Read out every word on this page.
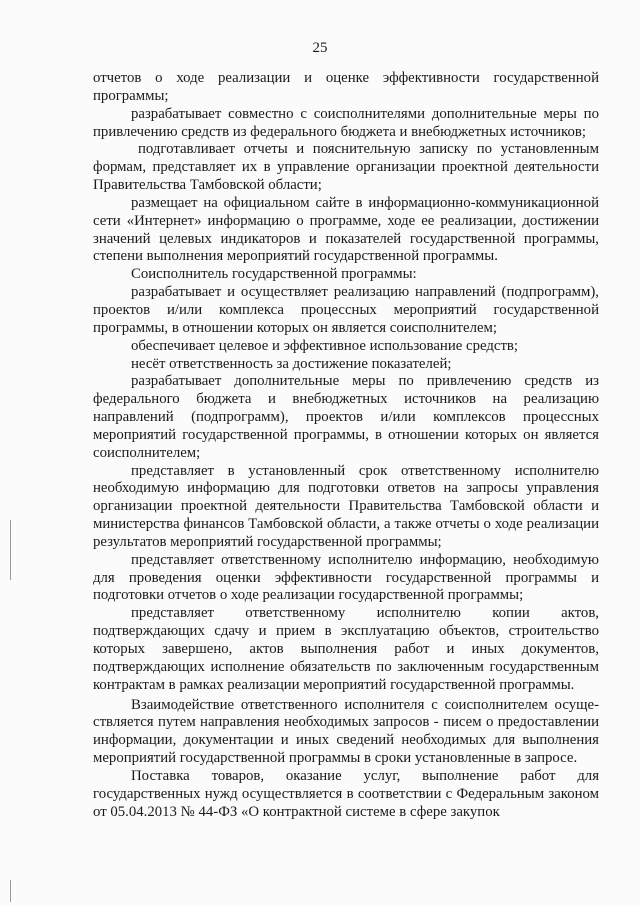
25

отчетов о ходе реализации и оценке эффективности государственной программы;

разрабатывает совместно с соисполнителями дополнительные меры по привлечению средств из федерального бюджета и внебюджетных источников;

подготавливает отчеты и пояснительную записку по установленным формам, представляет их в управление организации проектной деятельности Правительства Тамбовской области;

размещает на официальном сайте в информационно-коммуникационной сети «Интернет» информацию о программе, ходе ее реализации, достижении значений целевых индикаторов и показателей государственной программы, степени выполнения мероприятий государственной программы.

Соисполнитель государственной программы:

разрабатывает и осуществляет реализацию направлений (подпрограмм), проектов и/или комплекса процессных мероприятий государственной программы, в отношении которых он является соисполнителем;

обеспечивает целевое и эффективное использование средств;

несёт ответственность за достижение показателей;

разрабатывает дополнительные меры по привлечению средств из федерального бюджета и внебюджетных источников на реализацию направлений (подпрограмм), проектов и/или комплексов процессных мероприятий государственной программы, в отношении которых он является соисполнителем;

представляет в установленный срок ответственному исполнителю необходимую информацию для подготовки ответов на запросы управления организации проектной деятельности Правительства Тамбовской области и министерства финансов Тамбовской области, а также отчеты о ходе реализации результатов мероприятий государственной программы;

представляет ответственному исполнителю информацию, необходимую для проведения оценки эффективности государственной программы и подготовки отчетов о ходе реализации государственной программы;

представляет ответственному исполнителю копии актов, подтверждающих сдачу и прием в эксплуатацию объектов, строительство которых завершено, актов выполнения работ и иных документов, подтверждающих исполнение обязательств по заключенным государственным контрактам в рамках реализации мероприятий государственной программы.

Взаимодействие ответственного исполнителя с соисполнителем осуществляется путем направления необходимых запросов - писем о предоставлении информации, документации и иных сведений необходимых для выполнения мероприятий государственной программы в сроки установленные в запросе.

Поставка товаров, оказание услуг, выполнение работ для государственных нужд осуществляется в соответствии с Федеральным законом от 05.04.2013 № 44-ФЗ «О контрактной системе в сфере закупок
